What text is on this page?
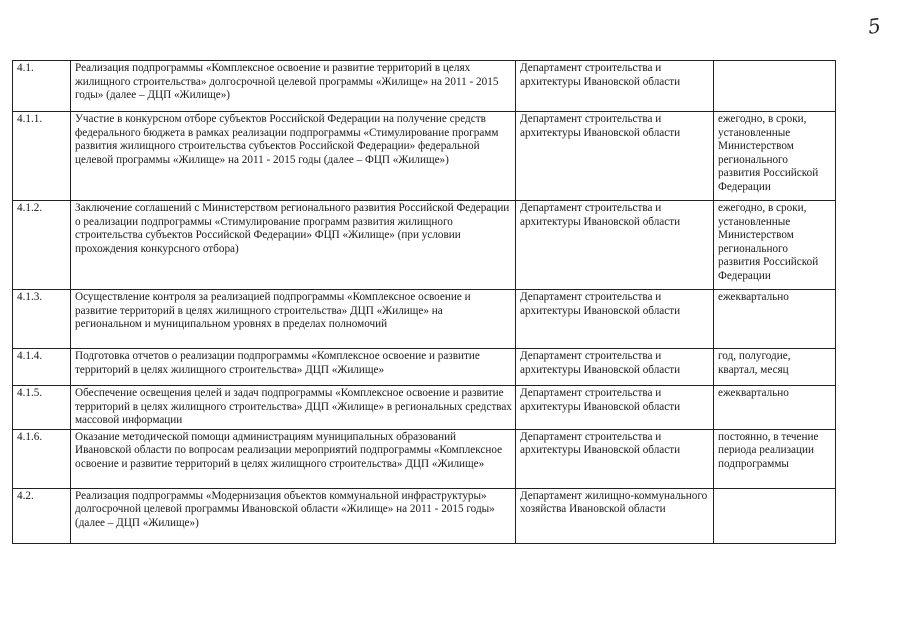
5
4.1.	Реализация подпрограммы «Комплексное освоение и развитие территорий в целях жилищного строительства» долгосрочной целевой программы «Жилище» на 2011 - 2015 годы» (далее – ДЦП «Жилище»)	Департамент строительства и архитектуры Ивановской области	
4.1.1.	Участие в конкурсном отборе субъектов Российской Федерации на получение средств федерального бюджета в рамках реализации подпрограммы «Стимулирование программ развития жилищного строительства субъектов Российской Федерации» федеральной целевой программы «Жилище» на 2011 - 2015 годы (далее – ФЦП «Жилище»)	Департамент строительства и архитектуры Ивановской области	ежегодно, в сроки, установленные Министерством регионального развития Российской Федерации
4.1.2.	Заключение соглашений с Министерством регионального развития Российской Федерации о реализации подпрограммы «Стимулирование программ развития жилищного строительства субъектов Российской Федерации» ФЦП «Жилище» (при условии прохождения конкурсного отбора)	Департамент строительства и архитектуры Ивановской области	ежегодно, в сроки, установленные Министерством регионального развития Российской Федерации
4.1.3.	Осуществление контроля за реализацией подпрограммы «Комплексное освоение и развитие территорий в целях жилищного строительства» ДЦП «Жилище» на региональном и муниципальном уровнях в пределах полномочий	Департамент строительства и архитектуры Ивановской области	ежеквартально
4.1.4.	Подготовка отчетов о реализации подпрограммы «Комплексное освоение и развитие территорий в целях жилищного строительства» ДЦП «Жилище»	Департамент строительства и архитектуры Ивановской области	год, полугодие, квартал, месяц
4.1.5.	Обеспечение освещения целей и задач подпрограммы «Комплексное освоение и развитие территорий в целях жилищного строительства» ДЦП «Жилище» в региональных средствах массовой информации	Департамент строительства и архитектуры Ивановской области	ежеквартально
4.1.6.	Оказание методической помощи администрациям муниципальных образований Ивановской области по вопросам реализации мероприятий подпрограммы «Комплексное освоение и развитие территорий в целях жилищного строительства» ДЦП «Жилище»	Департамент строительства и архитектуры Ивановской области	постоянно, в течение периода реализации подпрограммы
4.2.	Реализация подпрограммы «Модернизация объектов коммунальной инфраструктуры» долгосрочной целевой программы Ивановской области «Жилище» на 2011 - 2015 годы» (далее – ДЦП «Жилище»)	Департамент жилищно-коммунального хозяйства Ивановской области	
